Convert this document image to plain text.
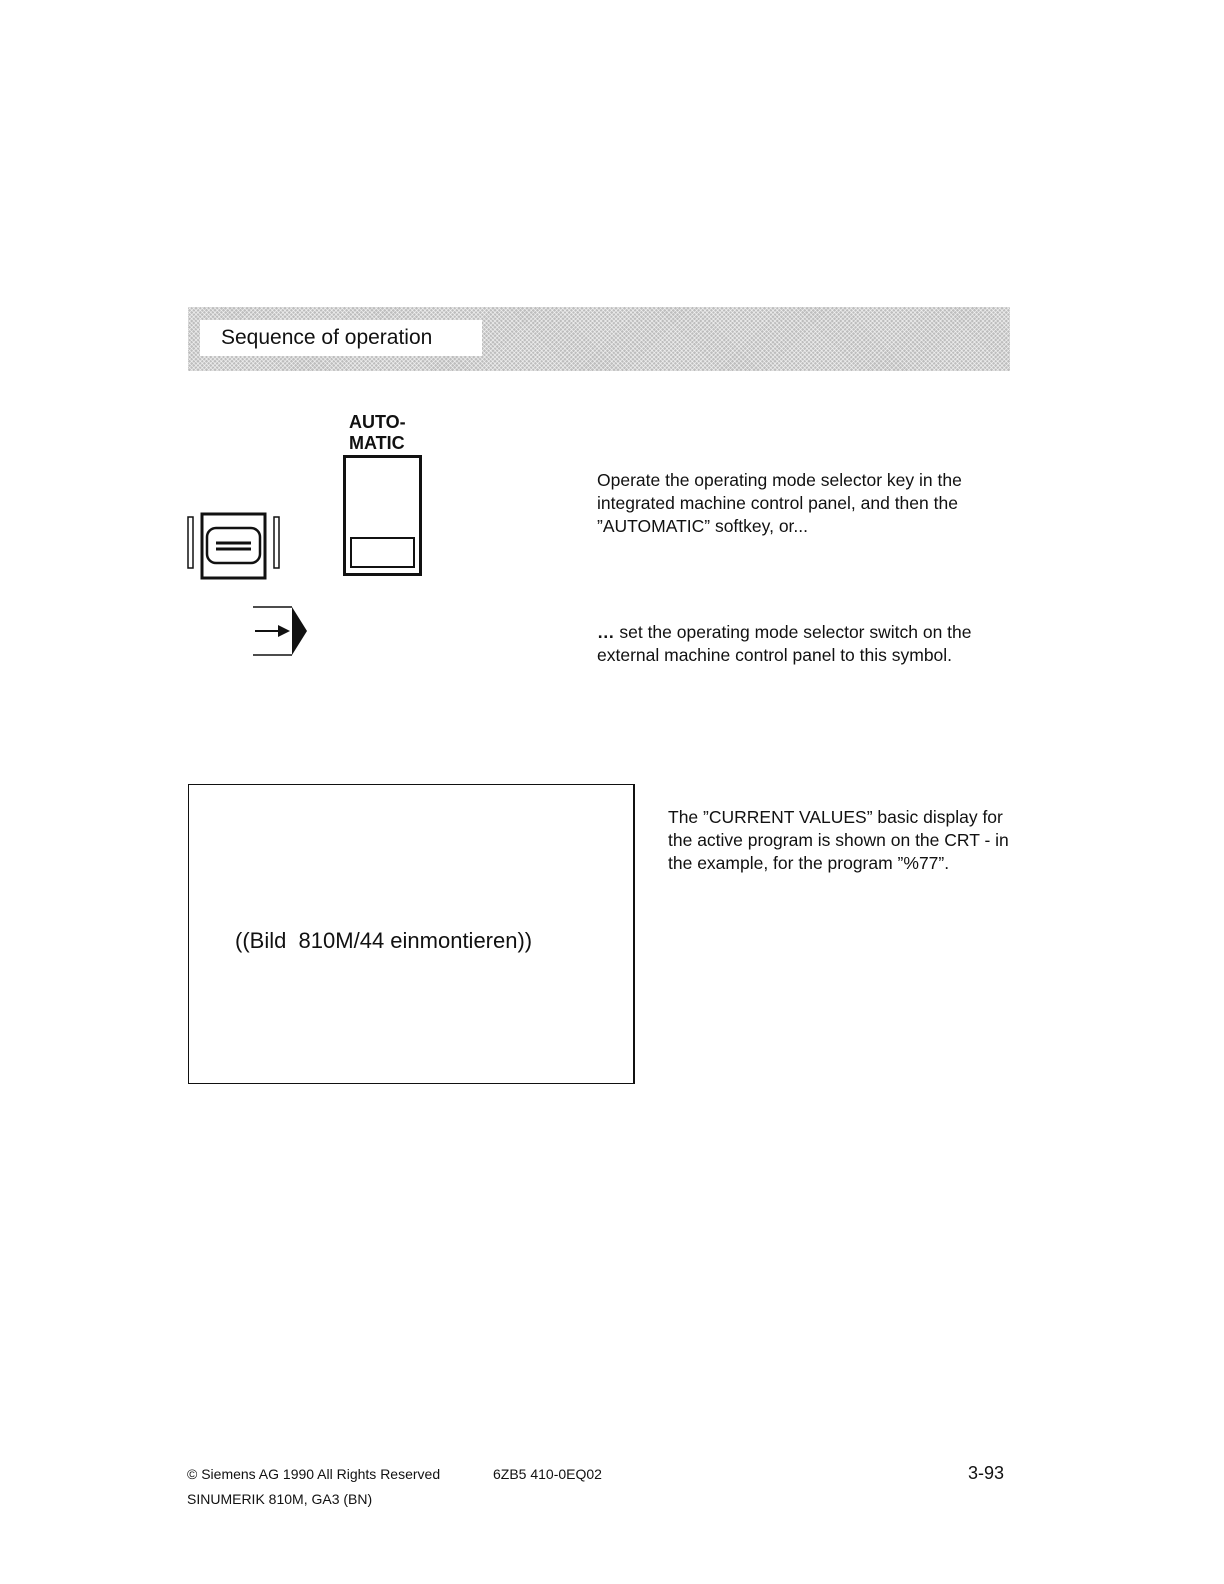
Sequence of operation
AUTO-
MATIC
Operate the operating mode selector key in the integrated machine control panel, and then the ”AUTOMATIC” softkey, or...
… set the operating mode selector switch on the external machine control panel to this symbol.
The ”CURRENT VALUES” basic display for the active program is shown on the CRT - in the example, for the program ”%77”.
((Bild  810M/44 einmontieren))
© Siemens AG 1990 All Rights Reserved	6ZB5 410-0EQ02
SINUMERIK 810M, GA3 (BN)
3-93
